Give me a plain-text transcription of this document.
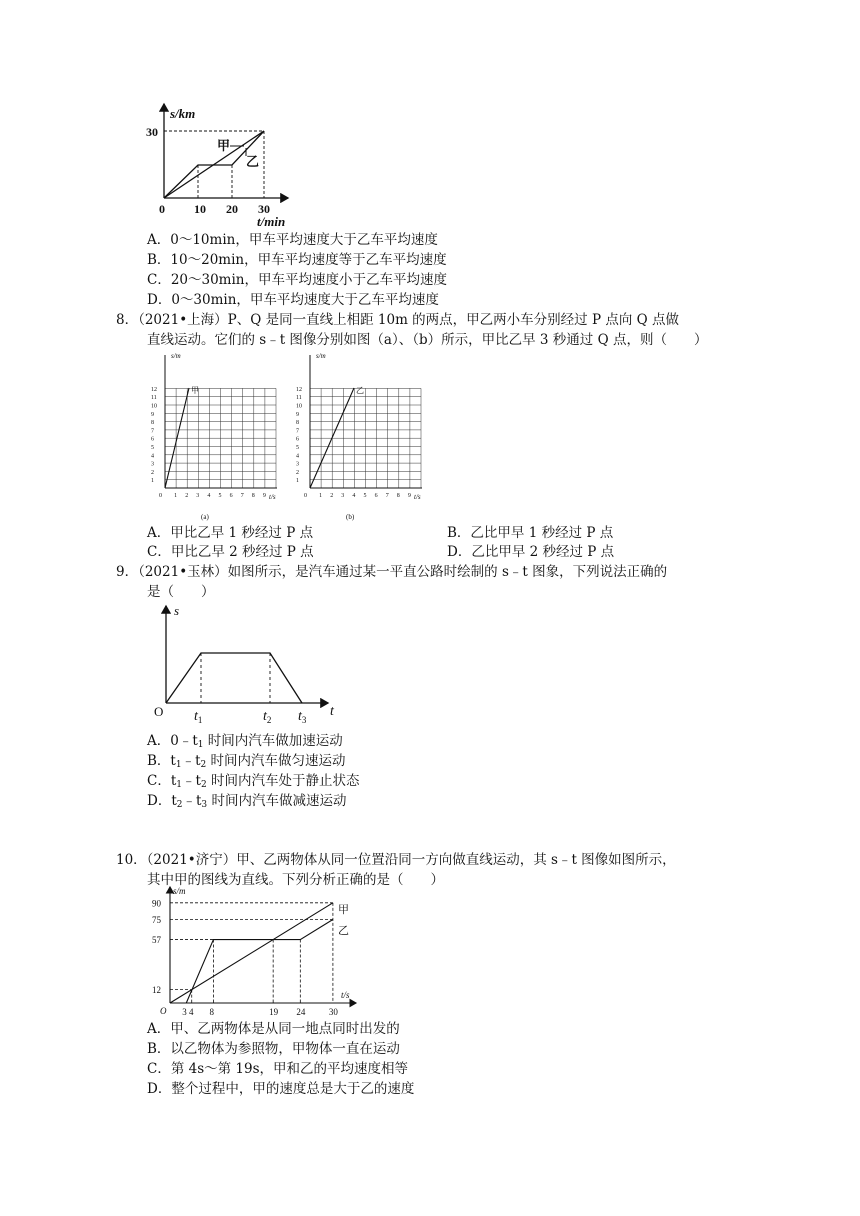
s/km
t/min
30
0 10 20 30
甲
乙
A．0～10min，甲车平均速度大于乙车平均速度
B．10～20min，甲车平均速度等于乙车平均速度
C．20～30min，甲车平均速度小于乙车平均速度
D．0～30min，甲车平均速度大于乙车平均速度
8．（2021•上海）P、Q 是同一直线上相距 10m 的两点，甲乙两小车分别经过 P 点向 Q 点做
直线运动。它们的 s﹣t 图像分别如图（a）、（b）所示，甲比乙早 3 秒通过 Q 点，则（　　）
12
11
10
9
8
7
6
5
4
3
2
1
0 1 2 3 4 5 6 7 8 9
s/m
t/s
甲
(a)
12
11
10
9
8
7
6
5
4
3
2
1
0 1 2 3 4 5 6 7 8 9
s/m
t/s
乙
(b)
A．甲比乙早 1 秒经过 P 点	B．乙比甲早 1 秒经过 P 点
C．甲比乙早 2 秒经过 P 点	D．乙比甲早 2 秒经过 P 点
9．（2021•玉林）如图所示，是汽车通过某一平直公路时绘制的 s﹣t 图象，下列说法正确的
是（　　）
s
t
O $t_1$	$t_2$ $t_3$
A．$0﹣t_1$ 时间内汽车做加速运动
B．$t_1﹣t_2$ 时间内汽车做匀速运动
C．$t_1﹣t_2$ 时间内汽车处于静止状态
D．$t_2﹣t_3$ 时间内汽车做减速运动
10．（2021•济宁）甲、乙两物体从同一位置沿同一方向做直线运动，其 s﹣t 图像如图所示，
其中甲的图线为直线。下列分析正确的是（　　）
s/m
t/s
O
90
75
57
12
3 4 8	19 24	30
甲
乙
A．甲、乙两物体是从同一地点同时出发的
B．以乙物体为参照物，甲物体一直在运动
C．第 4s～第 19s，甲和乙的平均速度相等
D．整个过程中，甲的速度总是大于乙的速度
